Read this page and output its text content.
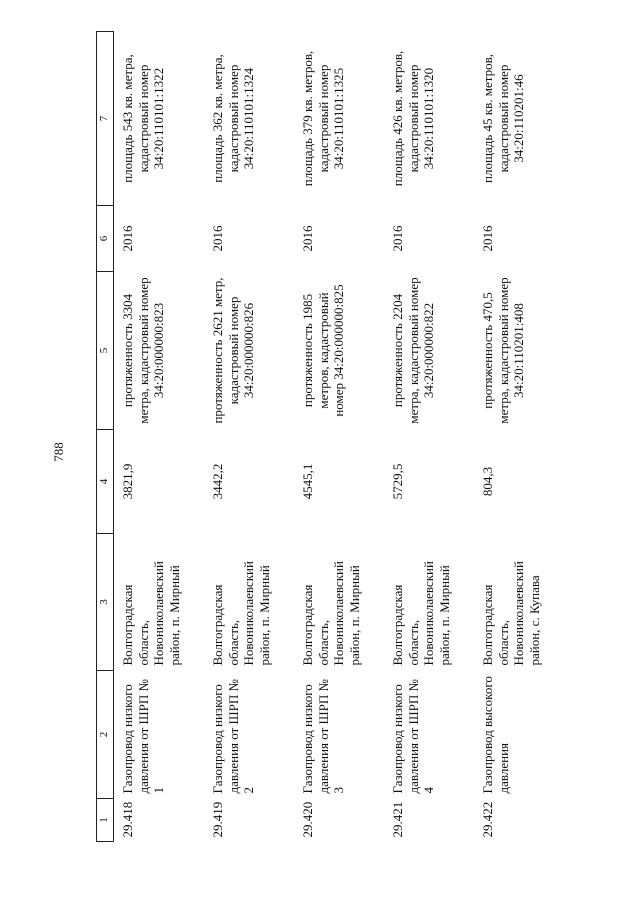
788
1	2	3	4	5	6	7
29.418	Газопровод низкого давления от ШРП № 1	Волгоградская область, Новониколаевский район, п. Мирный	3821,9	протяженность 3304 метра, кадастровый номер 34:20:000000:823	2016	площадь 543 кв. метра, кадастровый номер 34:20:110101:1322
29.419	Газопровод низкого давления от ШРП № 2	Волгоградская область, Новониколаевский район, п. Мирный	3442,2	протяженность 2621 метр, кадастровый номер 34:20:000000:826	2016	площадь 362 кв. метра, кадастровый номер 34:20:110101:1324
29.420	Газопровод низкого давления от ШРП № 3	Волгоградская область, Новониколаевский район, п. Мирный	4545,1	протяженность 1985 метров, кадастровый номер 34:20:000000:825	2016	площадь 379 кв. метров, кадастровый номер 34:20:110101:1325
29.421	Газопровод низкого давления от ШРП № 4	Волгоградская область, Новониколаевский район, п. Мирный	5729,5	протяженность 2204 метра, кадастровый номер 34:20:000000:822	2016	площадь 426 кв. метров, кадастровый номер 34:20:110101:1320
29.422	Газопровод высокого давления	Волгоградская область, Новониколаевский район, с. Купава	804,3	протяженность 470,5 метра, кадастровый номер 34:20:110201:408	2016	площадь 45 кв. метров, кадастровый номер 34:20:110201:46
